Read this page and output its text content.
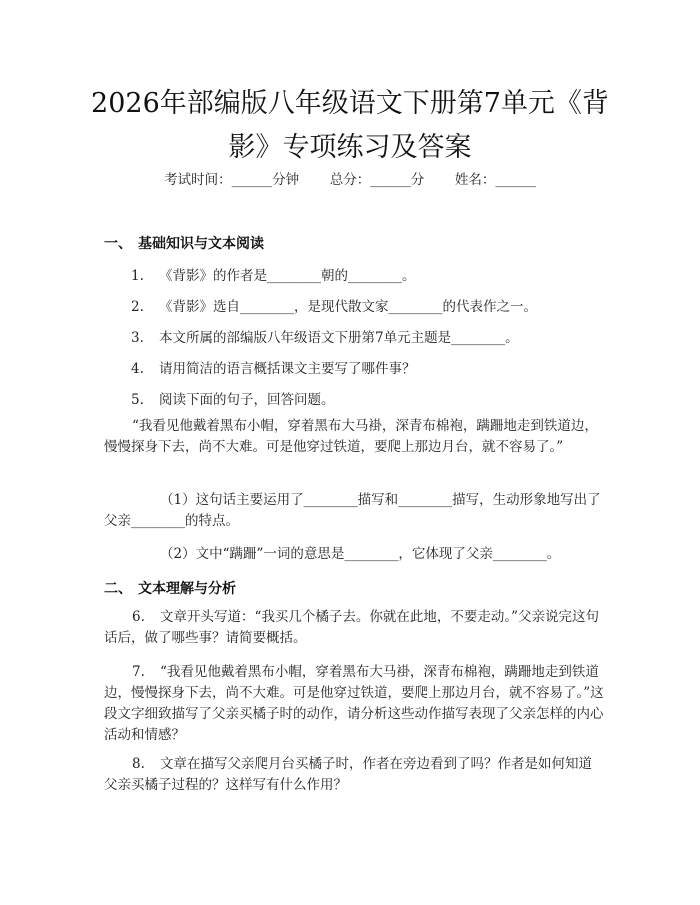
2026年部编版八年级语文下册第7单元《背影》专项练习及答案
考试时间：______分钟 总分：______分 姓名：______
一、 基础知识与文本阅读
1. 《背影》的作者是________朝的________。
2. 《背影》选自________，是现代散文家________的代表作之一。
3. 本文所属的部编版八年级语文下册第7单元主题是________。
4. 请用简洁的语言概括课文主要写了哪件事？
5. 阅读下面的句子，回答问题。
“我看见他戴着黑布小帽，穿着黑布大马褂，深青布棉袍，蹒跚地走到铁道边，慢慢探身下去，尚不大难。可是他穿过铁道，要爬上那边月台，就不容易了。”
（1）这句话主要运用了________描写和________描写，生动形象地写出了父亲________的特点。
（2）文中“蹒跚”一词的意思是________，它体现了父亲________。
二、 文本理解与分析
6. 文章开头写道：“我买几个橘子去。你就在此地，不要走动。”父亲说完这句话后，做了哪些事？请简要概括。
7. “我看见他戴着黑布小帽，穿着黑布大马褂，深青布棉袍，蹒跚地走到铁道边，慢慢探身下去，尚不大难。可是他穿过铁道，要爬上那边月台，就不容易了。”这段文字细致描写了父亲买橘子时的动作，请分析这些动作描写表现了父亲怎样的内心活动和情感？
8. 文章在描写父亲爬月台买橘子时，作者在旁边看到了吗？作者是如何知道父亲买橘子过程的？这样写有什么作用？
